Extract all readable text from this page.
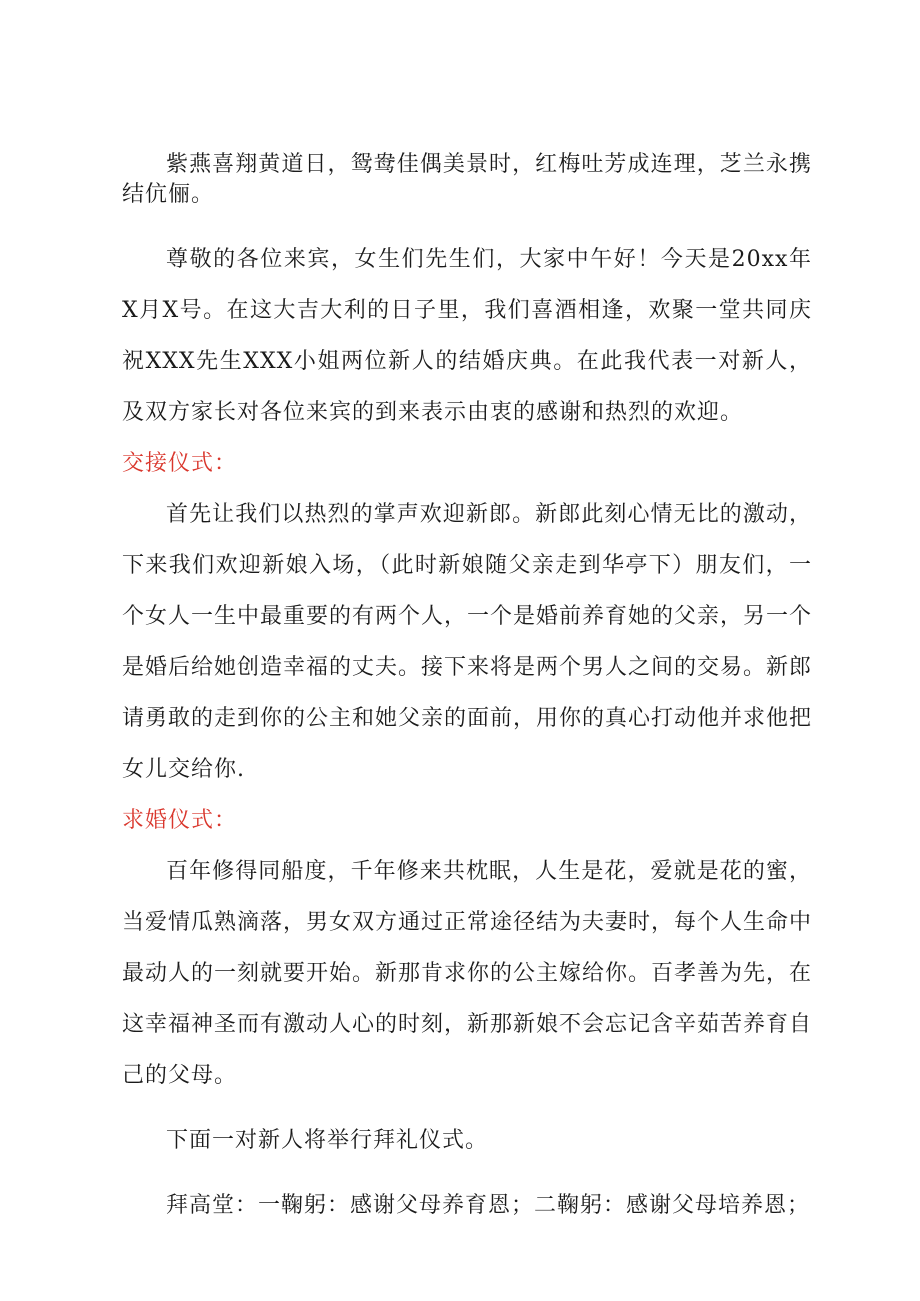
紫燕喜翔黄道日，鸳鸯佳偶美景时，红梅吐芳成连理，芝兰永携结伉俪。

尊敬的各位来宾，女生们先生们，大家中午好！今天是20xx年X月X号。在这大吉大利的日子里，我们喜酒相逢，欢聚一堂共同庆祝XXX先生XXX小姐两位新人的结婚庆典。在此我代表一对新人，及双方家长对各位来宾的到来表示由衷的感谢和热烈的欢迎。

交接仪式：

首先让我们以热烈的掌声欢迎新郎。新郎此刻心情无比的激动，下来我们欢迎新娘入场，（此时新娘随父亲走到华亭下）朋友们，一个女人一生中最重要的有两个人，一个是婚前养育她的父亲，另一个是婚后给她创造幸福的丈夫。接下来将是两个男人之间的交易。新郎请勇敢的走到你的公主和她父亲的面前，用你的真心打动他并求他把女儿交给你.

求婚仪式：

百年修得同船度，千年修来共枕眠，人生是花，爱就是花的蜜，当爱情瓜熟滴落，男女双方通过正常途径结为夫妻时，每个人生命中最动人的一刻就要开始。新那肯求你的公主嫁给你。百孝善为先，在这幸福神圣而有激动人心的时刻，新那新娘不会忘记含辛茹苦养育自己的父母。

下面一对新人将举行拜礼仪式。

拜高堂：一鞠躬：感谢父母养育恩；二鞠躬：感谢父母培养恩；
